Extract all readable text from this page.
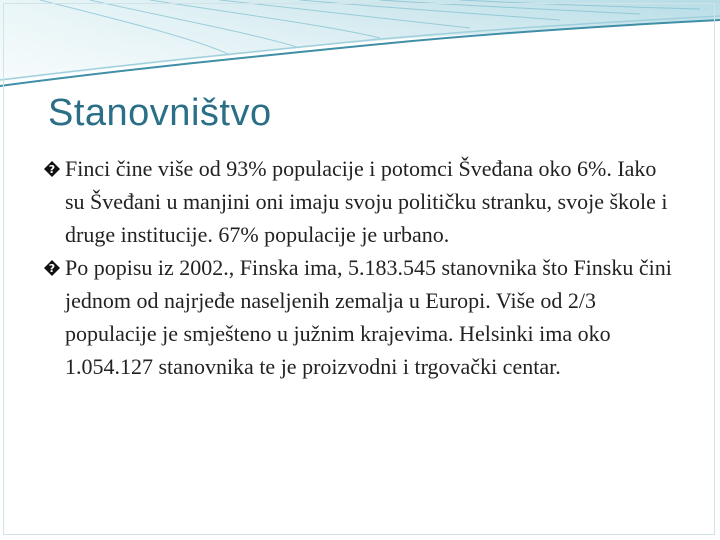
Stanovništvo

? Finci čine više od 93% populacije i potomci Šveđana oko 6%. Iako su Šveđani u manjini oni imaju svoju političku stranku, svoje škole i druge institucije. 67% populacije je urbano.

? Po popisu iz 2002., Finska ima, 5.183.545 stanovnika što Finsku čini jednom od najrjeđe naseljenih zemalja u Europi. Više od 2/3 populacije je smješteno u južnim krajevima. Helsinki ima oko 1.054.127 stanovnika te je proizvodni i trgovački centar.
